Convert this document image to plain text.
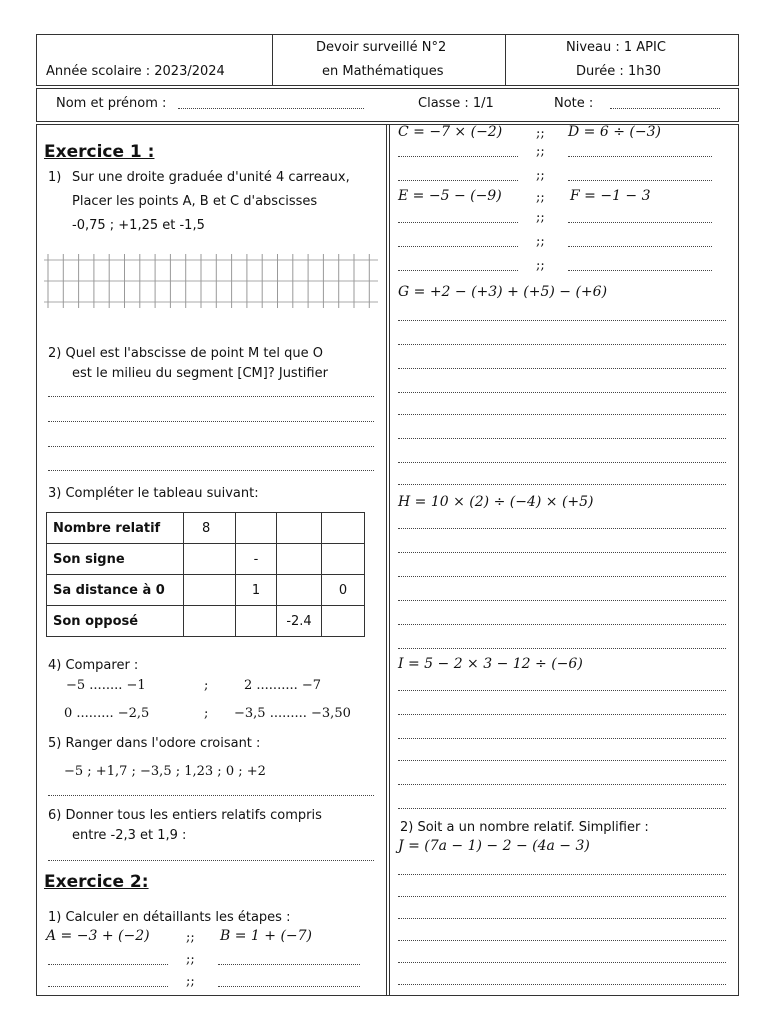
Année scolaire : 2023/2024
Devoir surveillé N°2
en Mathématiques
Niveau : 1 APIC
Durée : 1h30
Nom et prénom :	Classe : 1/1	Note :
Exercice 1 :
1) Sur une droite graduée d'unité 4 carreaux,
Placer les points A, B et C d'abscisses
-0,75 ; +1,25 et -1,5
2) Quel est l'abscisse de point M tel que O
est le milieu du segment [CM]? Justifier
3) Compléter le tableau suivant:
Nombre relatif	8			
Son signe		-		
Sa distance à 0		1		0
Son opposé			-2.4	
4) Comparer :
−5 ........ −1	;	2 .......... −7
0 ......... −2,5	; −3,5 ......... −3,50
5) Ranger dans l'odore croisant :
−5 ; +1,7 ; −3,5 ; 1,23 ; 0 ; +2
6) Donner tous les entiers relatifs compris
entre -2,3 et 1,9 :
Exercice 2:
1) Calculer en détaillants les étapes :
A = −3 + (−2)	;; B = 1 + (−7)
;;
;;
C = −7 × (−2)	;; D = 6 ÷ (−3)
;;
;;
E = −5 − (−9)	;; F = −1 − 3
;;
;;
;;
G = +2 − (+3) + (+5) − (+6)
H = 10 × (2) ÷ (−4) × (+5)
I = 5 − 2 × 3 − 12 ÷ (−6)
2) Soit a un nombre relatif. Simplifier :
J = (7a − 1) − 2 − (4a − 3)
